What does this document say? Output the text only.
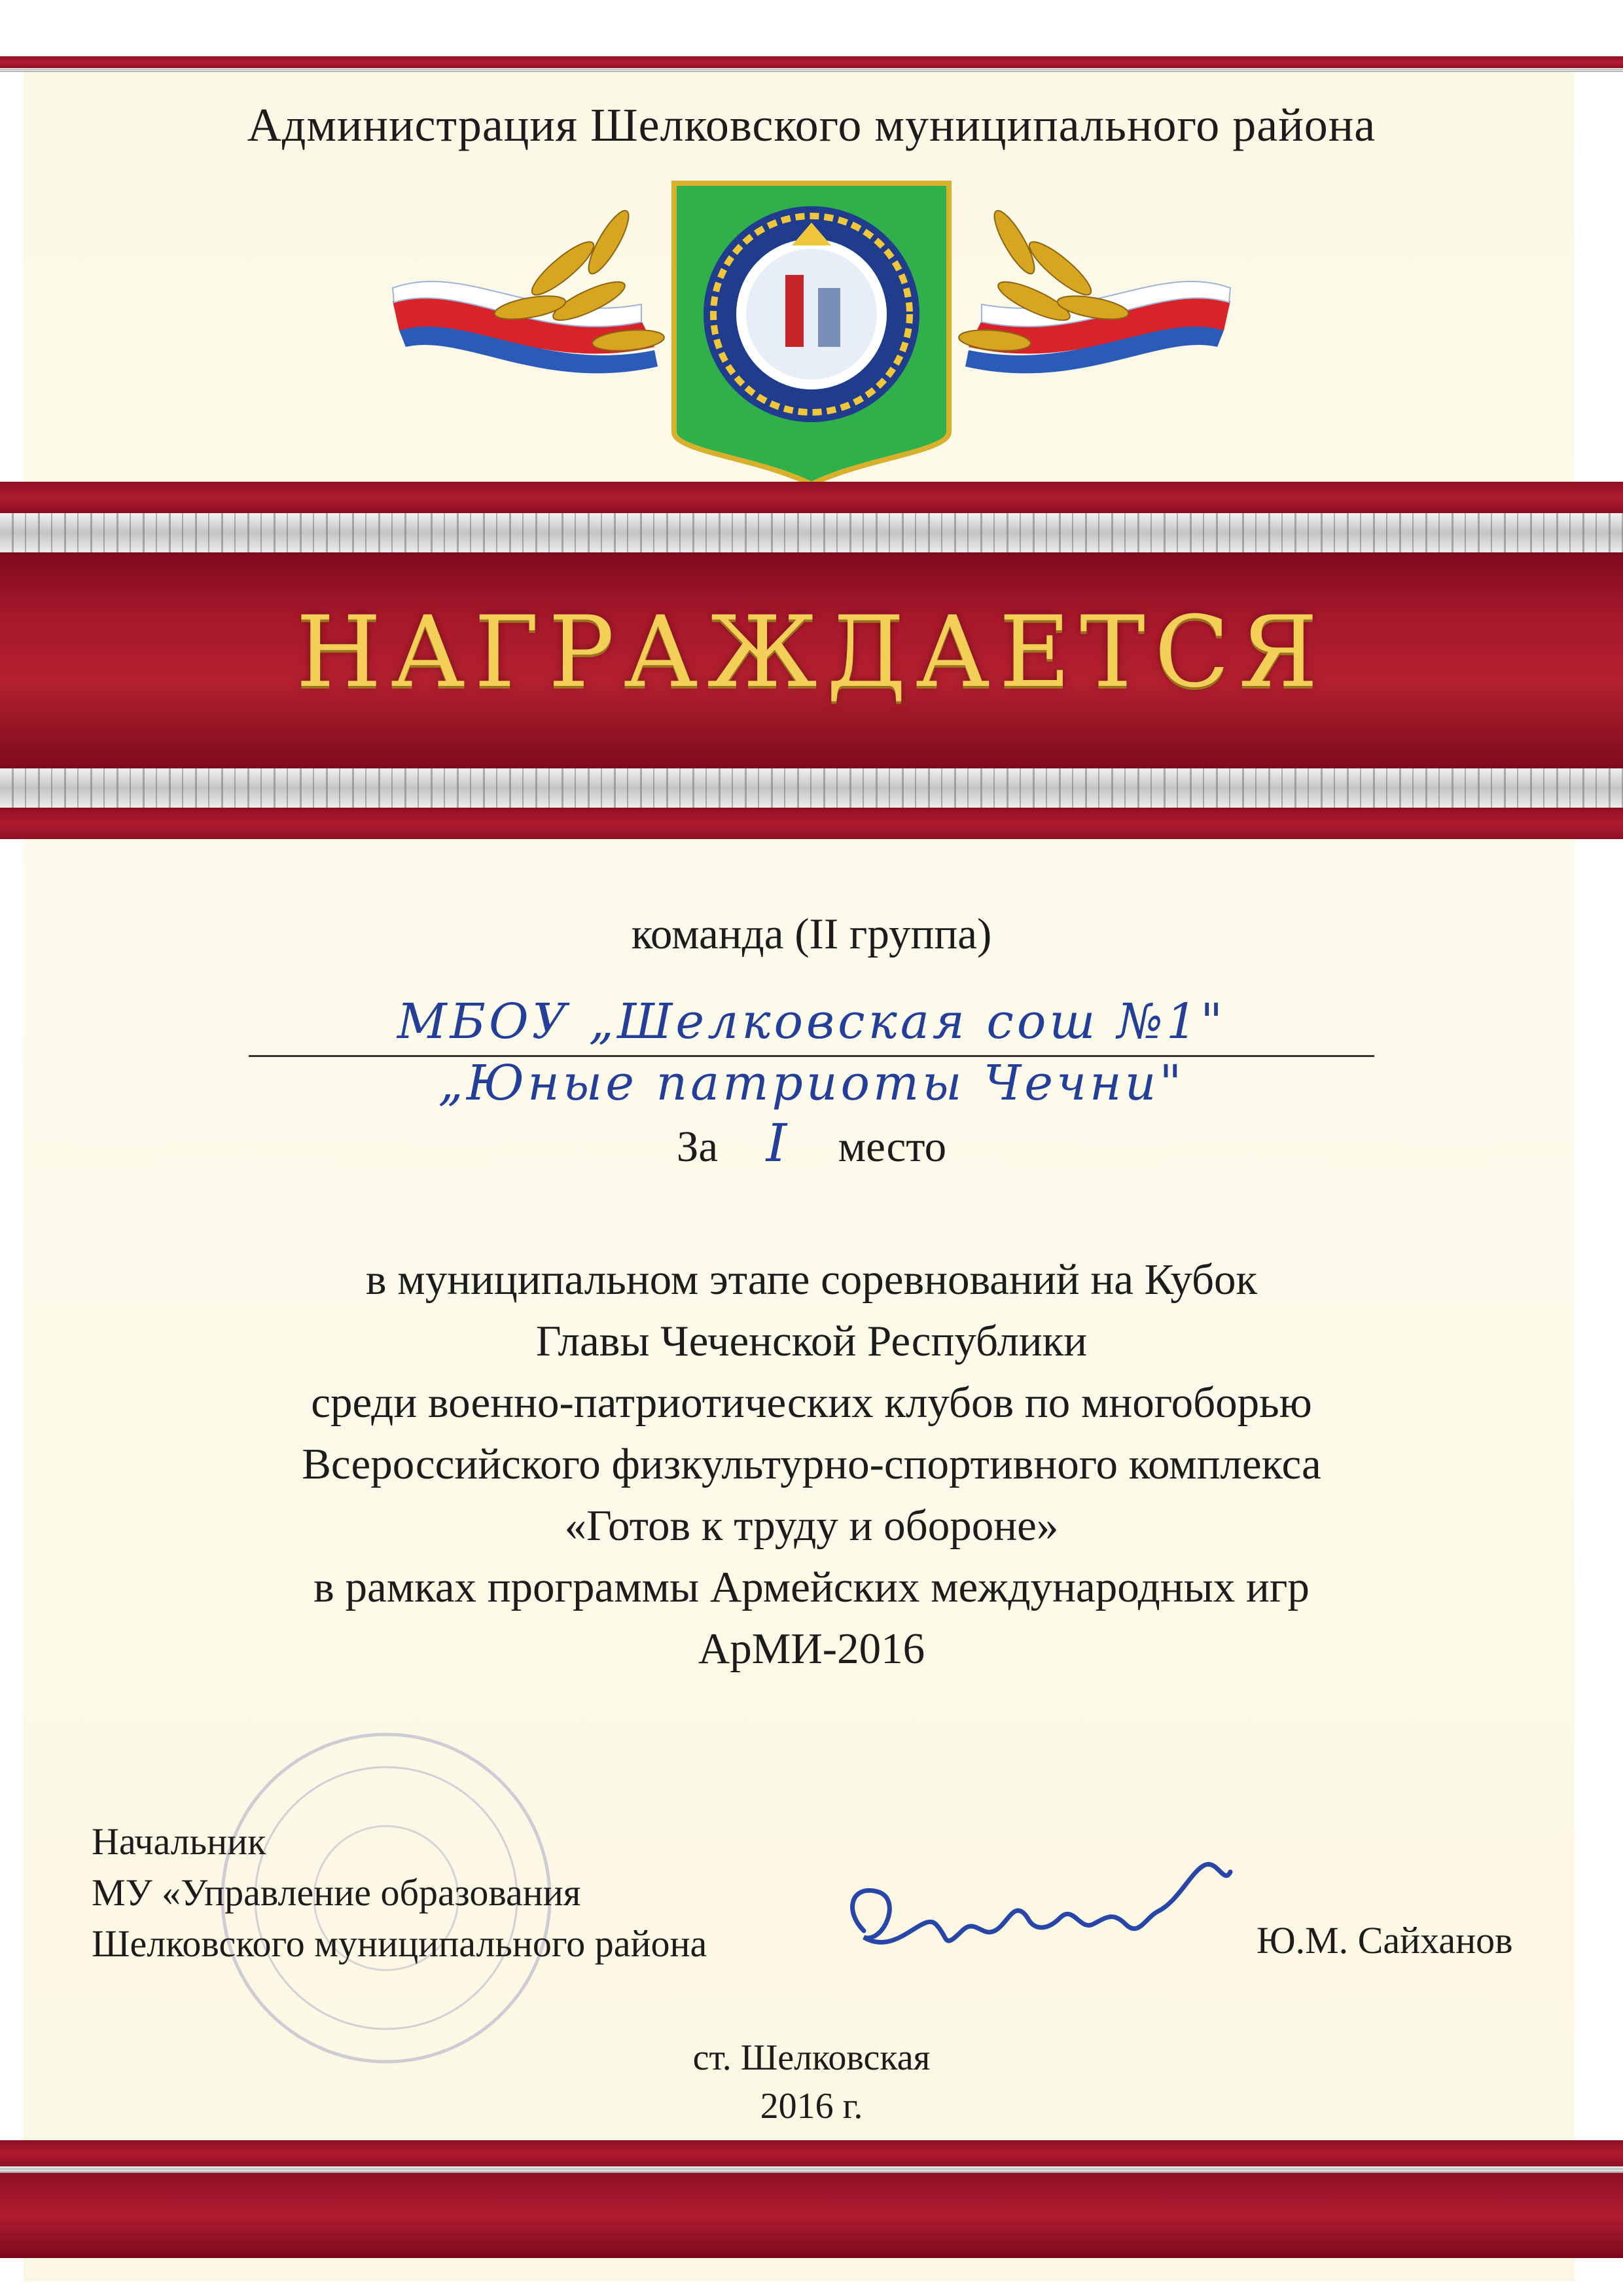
Администрация Шелковского муниципального района
НАГРАЖДАЕТСЯ
команда (II группа)
МБОУ „Шелковская сош №1"
„Юные патриоты Чечни"
За I место
в муниципальном этапе соревнований на Кубок
Главы Чеченской Республики
среди военно-патриотических клубов по многоборью
Всероссийского физкультурно-спортивного комплекса
«Готов к труду и обороне»
в рамках программы Армейских международных игр
АрМИ-2016
Начальник
МУ «Управление образования
Шелковского муниципального района	Ю.М. Сайханов
ст. Шелковская
2016 г.
